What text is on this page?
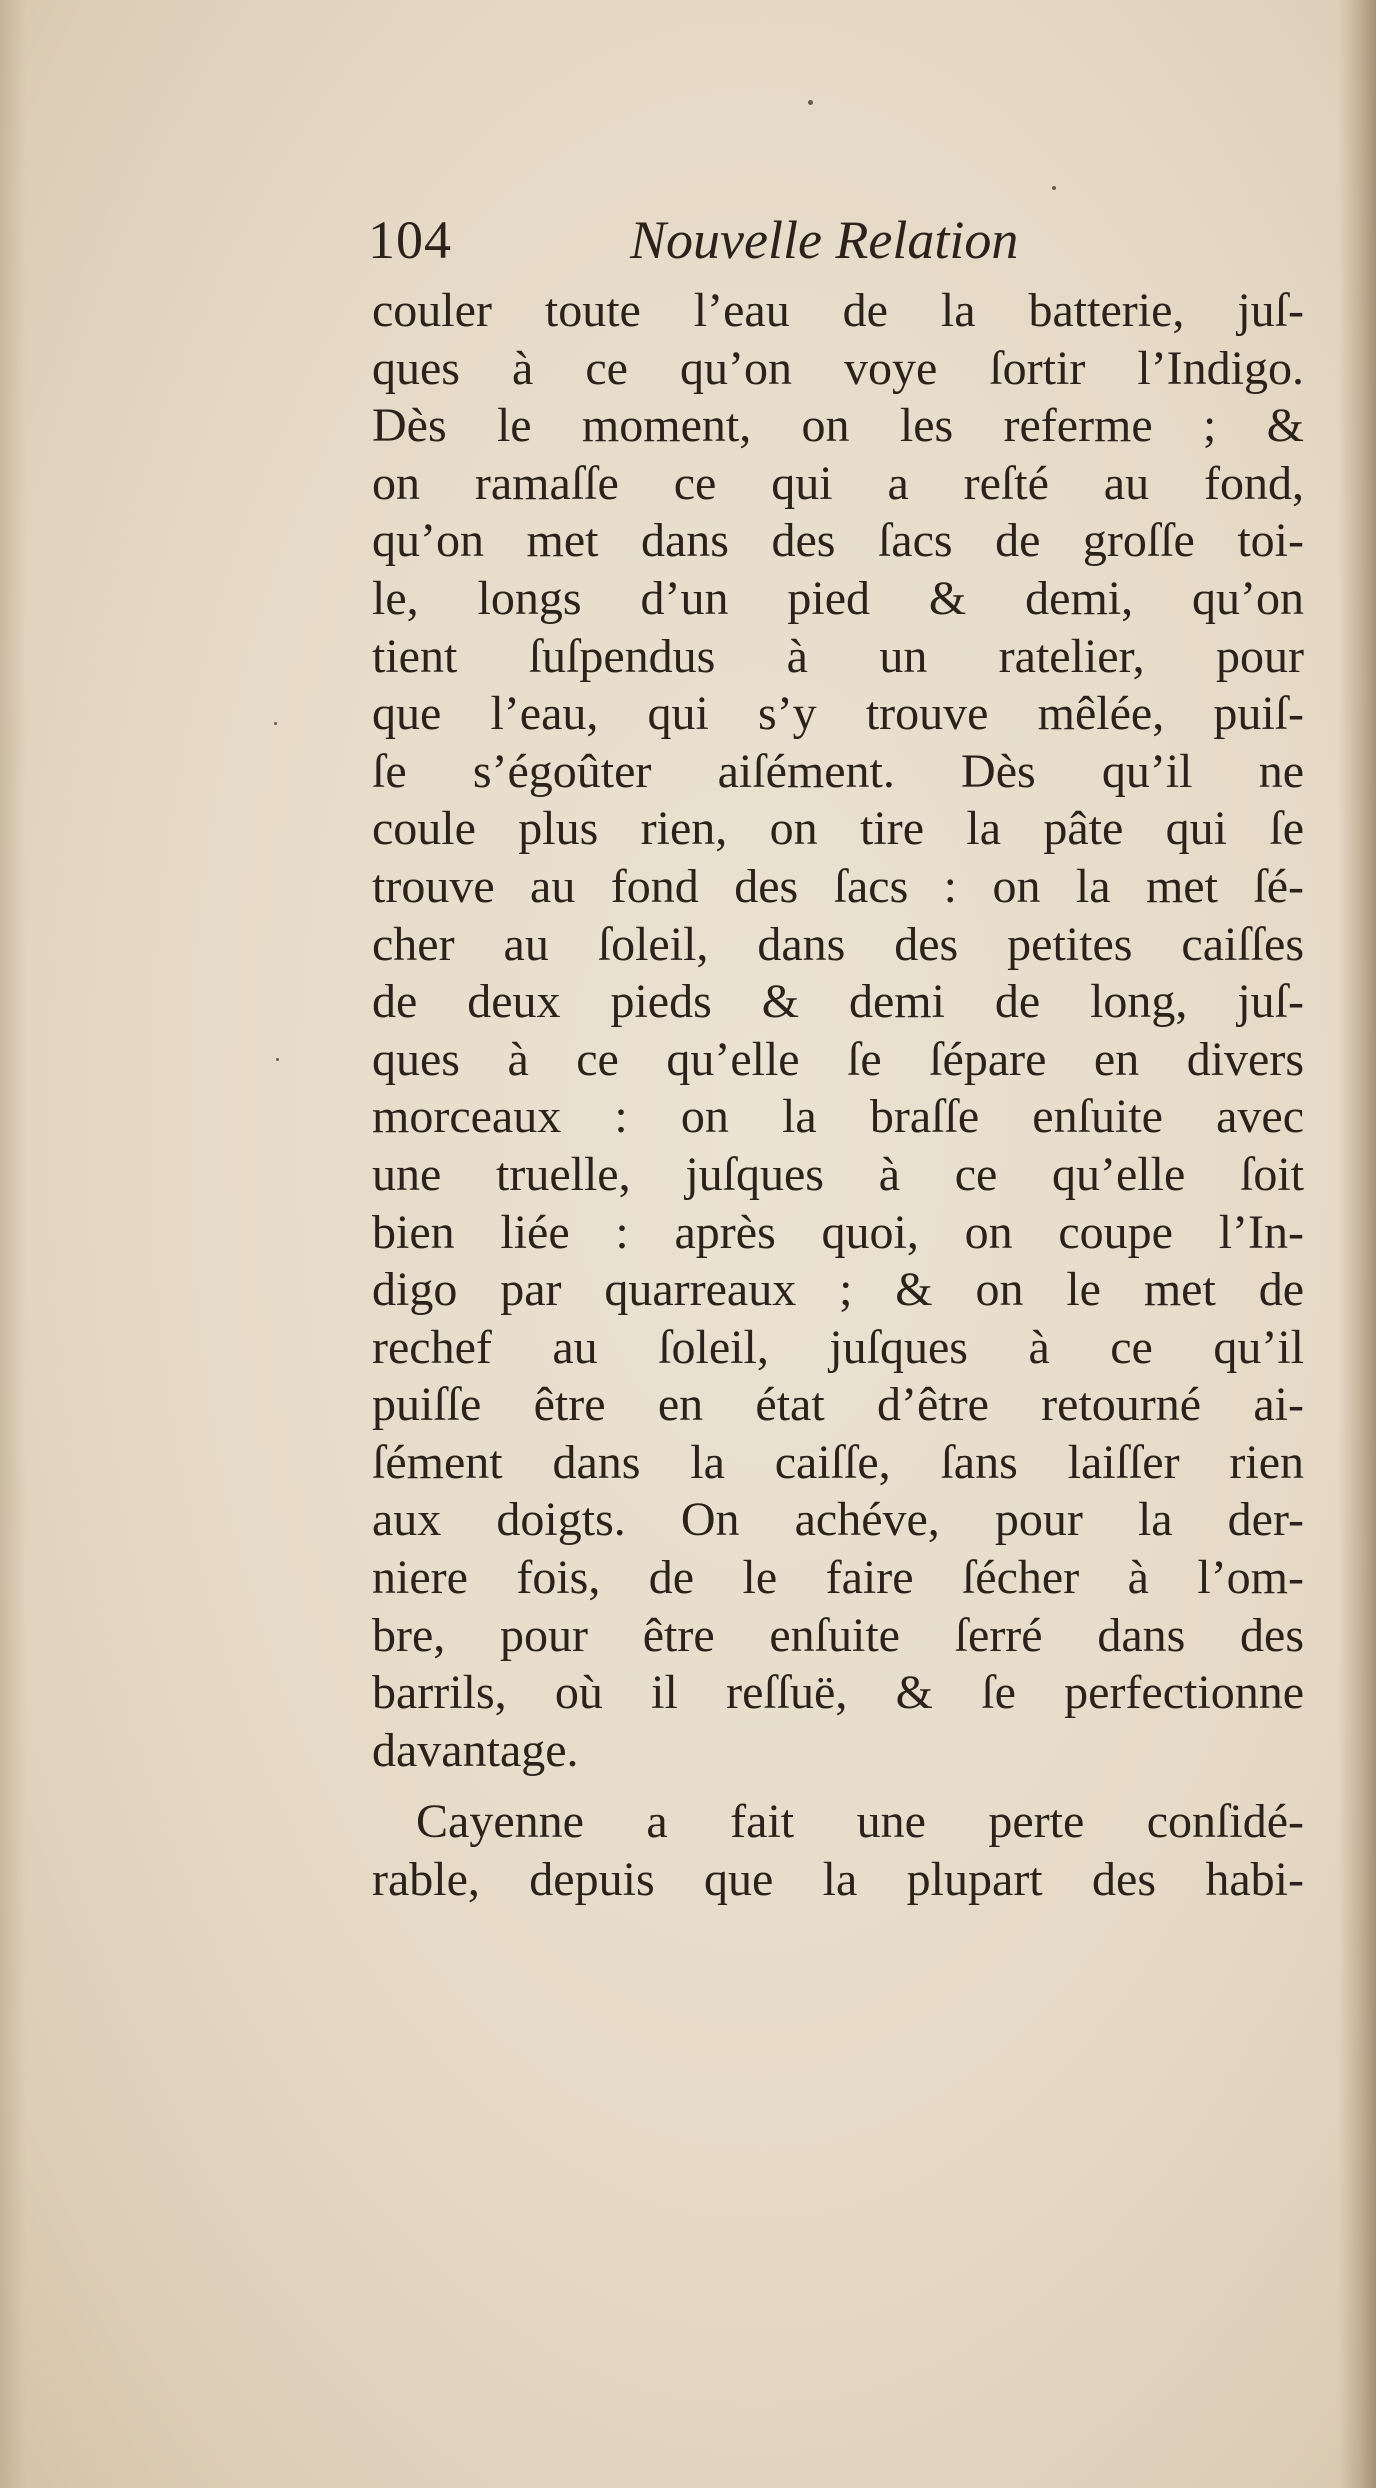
104	Nouvelle Relation
couler toute l’eau de la batterie, juſ-
ques à ce qu’on voye ſortir l’Indigo.
Dès le moment, on les referme ; &
on ramaſſe ce qui a reſté au fond,
qu’on met dans des ſacs de groſſe toi-
le, longs d’un pied & demi, qu’on
tient ſuſpendus à un ratelier, pour
que l’eau, qui s’y trouve mêlée, puiſ-
ſe s’égoûter aiſément. Dès qu’il ne
coule plus rien, on tire la pâte qui ſe
trouve au fond des ſacs : on la met ſé-
cher au ſoleil, dans des petites caiſſes
de deux pieds & demi de long, juſ-
ques à ce qu’elle ſe ſépare en divers
morceaux : on la braſſe enſuite avec
une truelle, juſques à ce qu’elle ſoit
bien liée : après quoi, on coupe l’In-
digo par quarreaux ; & on le met de
rechef au ſoleil, juſques à ce qu’il
puiſſe être en état d’être retourné ai-
ſément dans la caiſſe, ſans laiſſer rien
aux doigts. On achéve, pour la der-
niere fois, de le faire ſécher à l’om-
bre, pour être enſuite ſerré dans des
barrils, où il reſſuë, & ſe perfectionne
davantage.
Cayenne a fait une perte conſidé-
rable, depuis que la plupart des habi-
